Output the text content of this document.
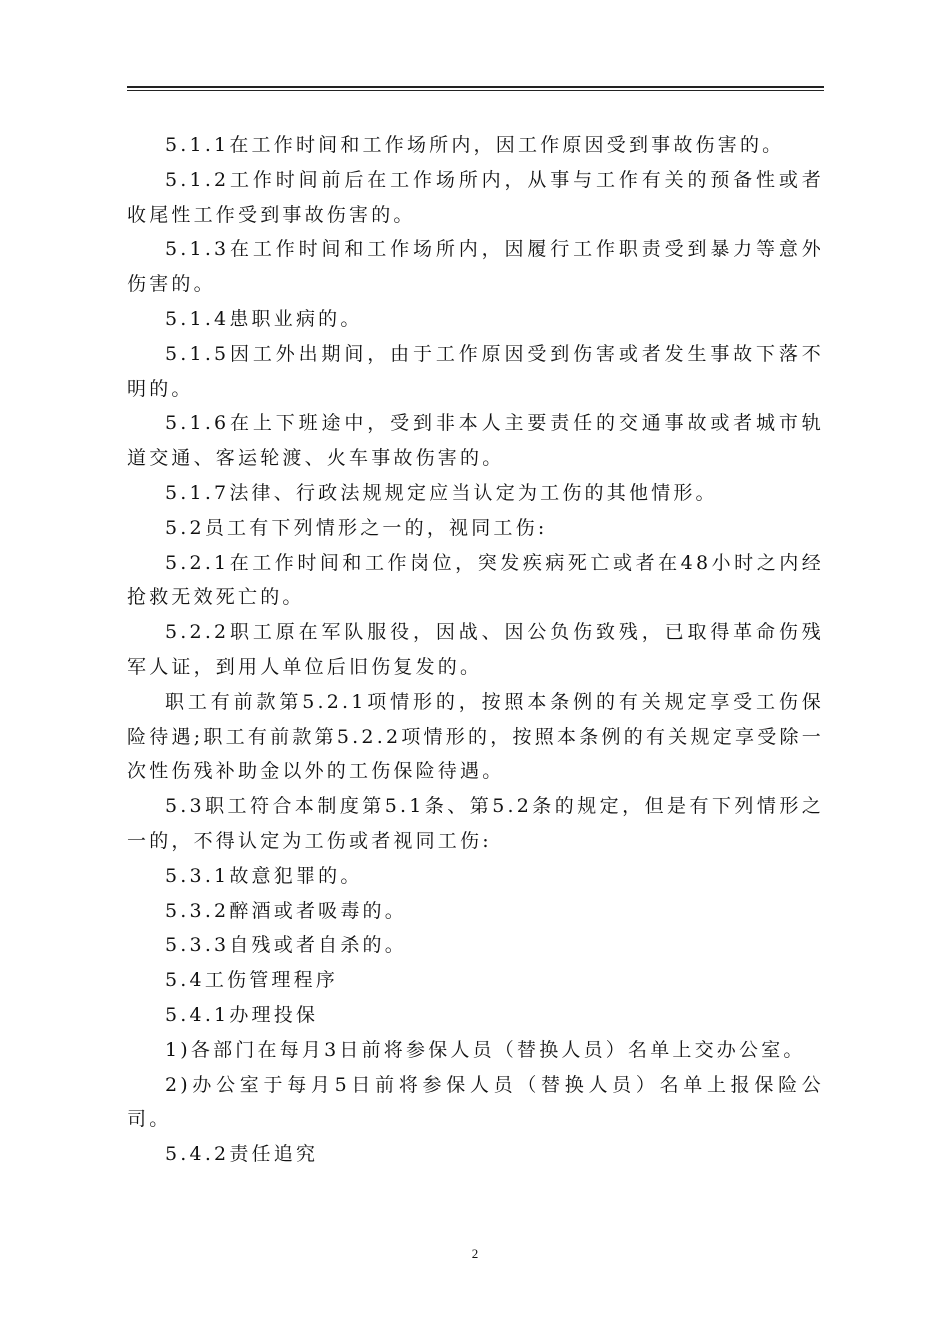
5.1.1在工作时间和工作场所内，因工作原因受到事故伤害的。

5.1.2工作时间前后在工作场所内，从事与工作有关的预备性或者收尾性工作受到事故伤害的。

5.1.3在工作时间和工作场所内，因履行工作职责受到暴力等意外伤害的。

5.1.4患职业病的。

5.1.5因工外出期间，由于工作原因受到伤害或者发生事故下落不明的。

5.1.6在上下班途中，受到非本人主要责任的交通事故或者城市轨道交通、客运轮渡、火车事故伤害的。

5.1.7法律、行政法规规定应当认定为工伤的其他情形。

5.2员工有下列情形之一的，视同工伤:

5.2.1在工作时间和工作岗位，突发疾病死亡或者在48小时之内经抢救无效死亡的。

5.2.2职工原在军队服役，因战、因公负伤致残，已取得革命伤残军人证，到用人单位后旧伤复发的。

职工有前款第5.2.1项情形的，按照本条例的有关规定享受工伤保险待遇;职工有前款第5.2.2项情形的，按照本条例的有关规定享受除一次性伤残补助金以外的工伤保险待遇。

5.3职工符合本制度第5.1条、第5.2条的规定，但是有下列情形之一的，不得认定为工伤或者视同工伤:

5.3.1故意犯罪的。

5.3.2醉酒或者吸毒的。

5.3.3自残或者自杀的。

5.4工伤管理程序

5.4.1办理投保

1)各部门在每月3日前将参保人员（替换人员）名单上交办公室。

2)办公室于每月5日前将参保人员（替换人员）名单上报保险公司。

5.4.2责任追究

2
